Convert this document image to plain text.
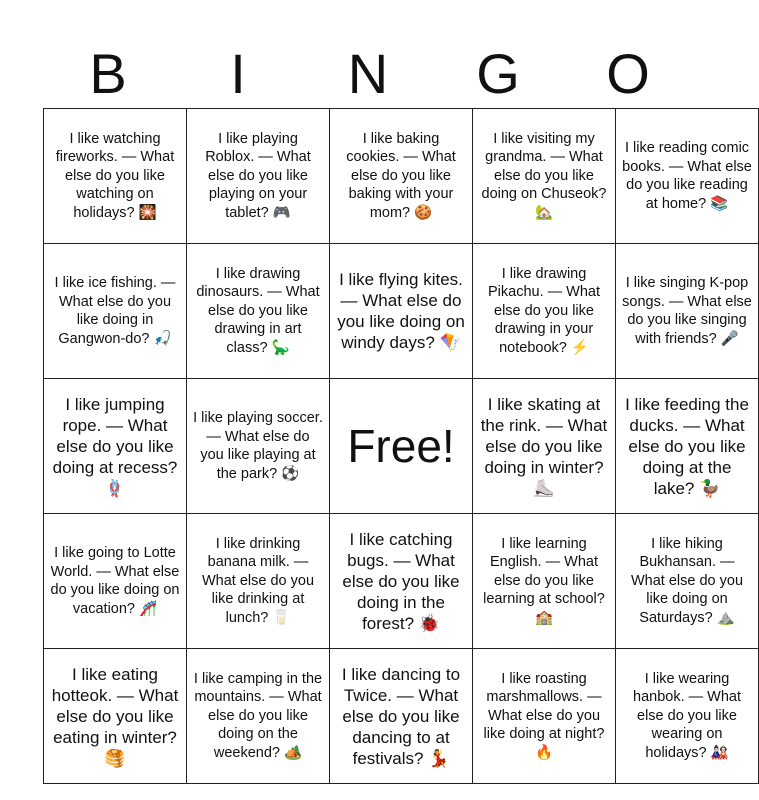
B	I	N	G	O
I like watching fireworks. — What else do you like watching on holidays? 🎇	I like playing Roblox. — What else do you like playing on your tablet? 🎮	I like baking cookies. — What else do you like baking with your mom? 🍪	I like visiting my grandma. — What else do you like doing on Chuseok? 🏡	I like reading comic books. — What else do you like reading at home? 📚
I like ice fishing. — What else do you like doing in Gangwon-do? 🎣	I like drawing dinosaurs. — What else do you like drawing in art class? 🦕	I like flying kites. — What else do you like doing on windy days? 🪁	I like drawing Pikachu. — What else do you like drawing in your notebook? ⚡	I like singing K-pop songs. — What else do you like singing with friends? 🎤
I like jumping rope. — What else do you like doing at recess? 🪢	I like playing soccer. — What else do you like playing at the park? ⚽	Free!	I like skating at the rink. — What else do you like doing in winter? ⛸️	I like feeding the ducks. — What else do you like doing at the lake? 🦆
I like going to Lotte World. — What else do you like doing on vacation? 🎢	I like drinking banana milk. — What else do you like drinking at lunch? 🥛	I like catching bugs. — What else do you like doing in the forest? 🐞	I like learning English. — What else do you like learning at school? 🏫	I like hiking Bukhansan. — What else do you like doing on Saturdays? ⛰️
I like eating hotteok. — What else do you like eating in winter? 🥞	I like camping in the mountains. — What else do you like doing on the weekend? 🏕️	I like dancing to Twice. — What else do you like dancing to at festivals? 💃	I like roasting marshmallows. — What else do you like doing at night? 🔥	I like wearing hanbok. — What else do you like wearing on holidays? 🎎
